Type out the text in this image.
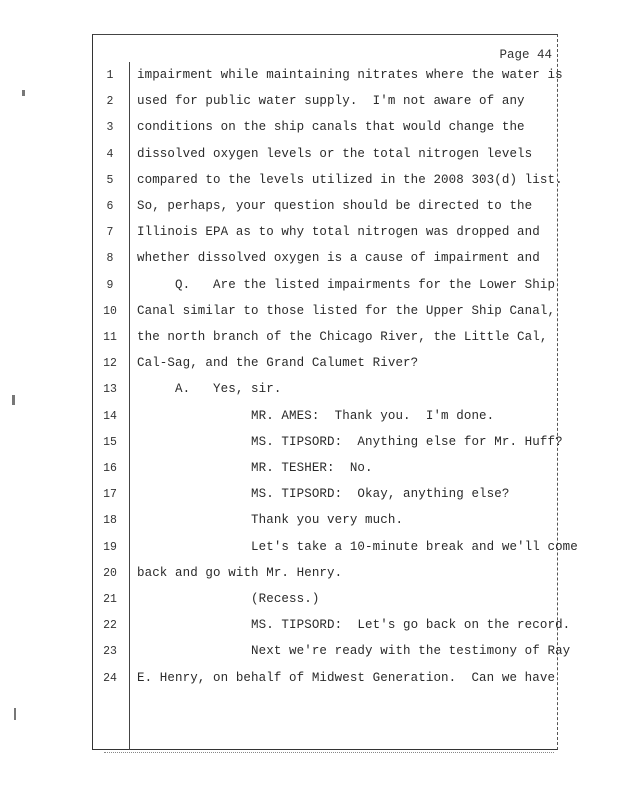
Page 44
1	impairment while maintaining nitrates where the water is
2	used for public water supply.  I'm not aware of any
3	conditions on the ship canals that would change the
4	dissolved oxygen levels or the total nitrogen levels
5	compared to the levels utilized in the 2008 303(d) list.
6	So, perhaps, your question should be directed to the
7	Illinois EPA as to why total nitrogen was dropped and
8	whether dissolved oxygen is a cause of impairment and
9	Q.   Are the listed impairments for the Lower Ship
10	Canal similar to those listed for the Upper Ship Canal,
11	the north branch of the Chicago River, the Little Cal,
12	Cal-Sag, and the Grand Calumet River?
13	A.   Yes, sir.
14	MR. AMES:  Thank you.  I'm done.
15	MS. TIPSORD:  Anything else for Mr. Huff?
16	MR. TESHER:  No.
17	MS. TIPSORD:  Okay, anything else?
18	Thank you very much.
19	Let's take a 10-minute break and we'll come
20	back and go with Mr. Henry.
21	(Recess.)
22	MS. TIPSORD:  Let's go back on the record.
23	Next we're ready with the testimony of Ray
24	E. Henry, on behalf of Midwest Generation.  Can we have
